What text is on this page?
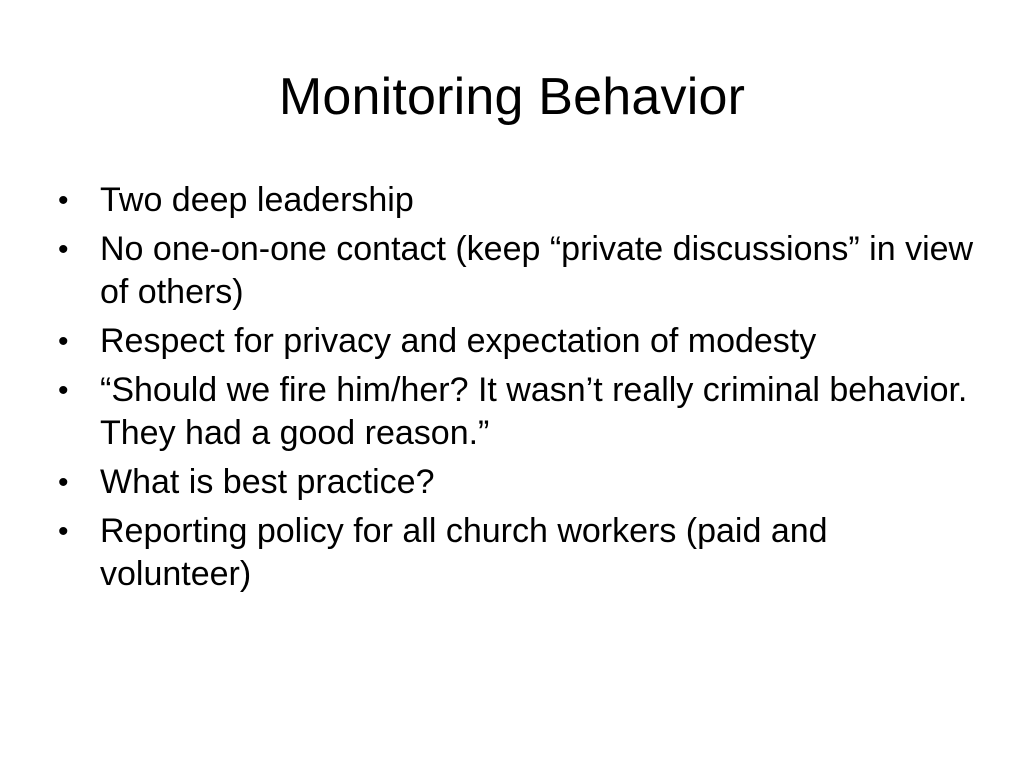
Monitoring Behavior
• Two deep leadership
• No one-on-one contact (keep “private discussions” in view of others)
• Respect for privacy and expectation of modesty
• “Should we fire him/her? It wasn’t really criminal behavior. They had a good reason.”
• What is best practice?
• Reporting policy for all church workers (paid and volunteer)
